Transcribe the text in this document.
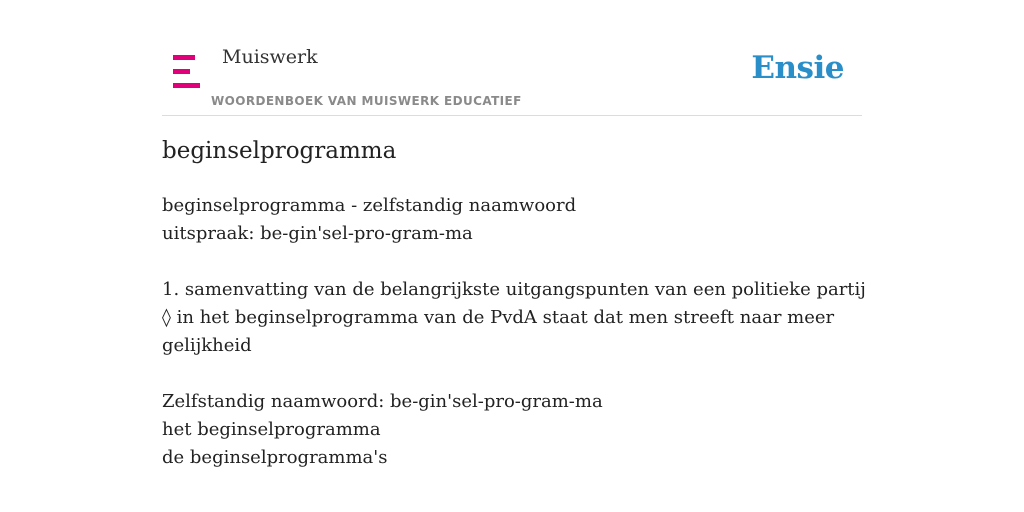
Muiswerk
WOORDENBOEK VAN MUISWERK EDUCATIEF
Ensie
beginselprogramma
beginselprogramma - zelfstandig naamwoord
uitspraak: be-gin'sel-pro-gram-ma
1. samenvatting van de belangrijkste uitgangspunten van een politieke partij
◊ in het beginselprogramma van de PvdA staat dat men streeft naar meer
gelijkheid
Zelfstandig naamwoord: be-gin'sel-pro-gram-ma
het beginselprogramma
de beginselprogramma's
